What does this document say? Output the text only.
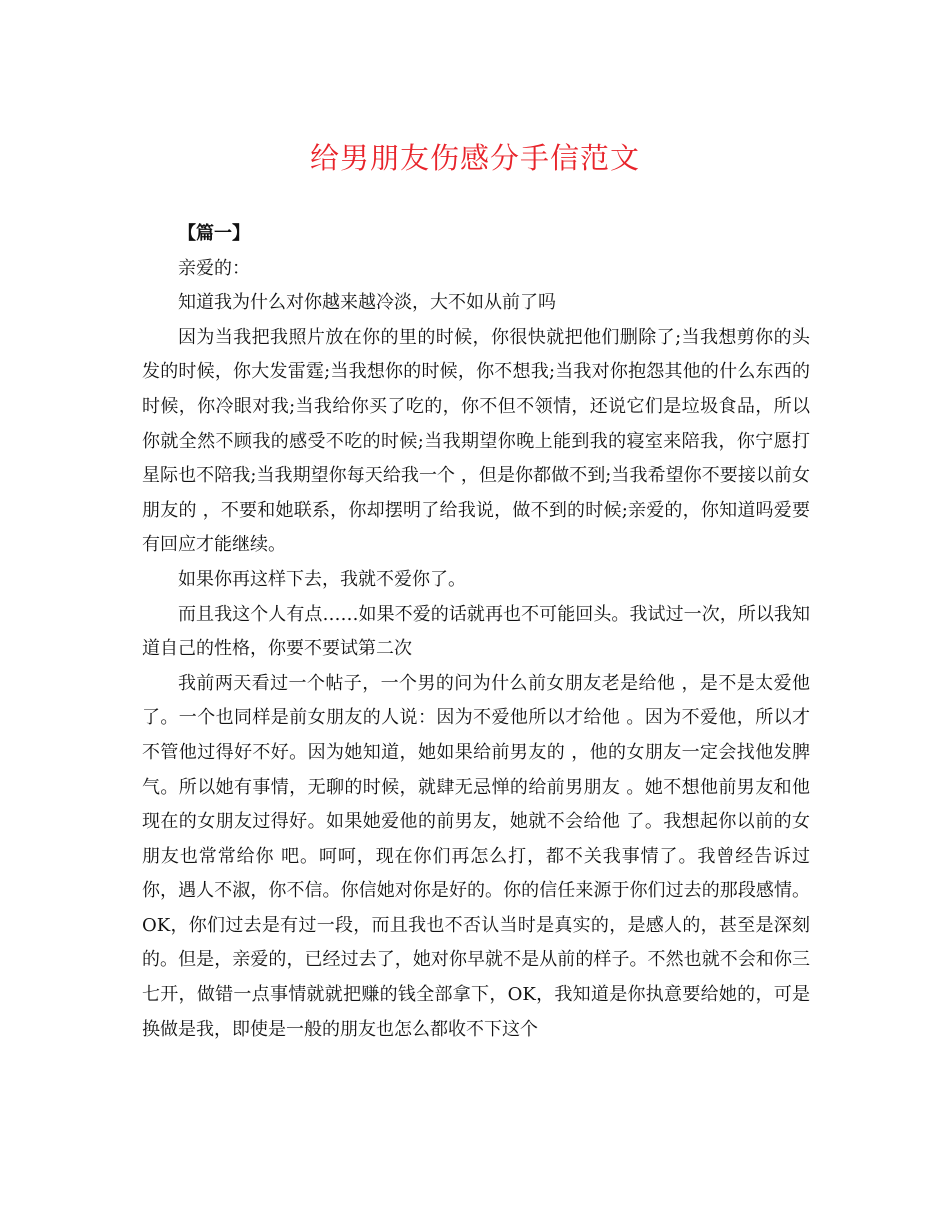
给男朋友伤感分手信范文

【篇一】

亲爱的：

知道我为什么对你越来越冷淡，大不如从前了吗

因为当我把我照片放在你的里的时候，你很快就把他们删除了;当我想剪你的头发的时候，你大发雷霆;当我想你的时候，你不想我;当我对你抱怨其他的什么东西的时候，你冷眼对我;当我给你买了吃的，你不但不领情，还说它们是垃圾食品，所以你就全然不顾我的感受不吃的时候;当我期望你晚上能到我的寝室来陪我，你宁愿打星际也不陪我;当我期望你每天给我一个 ，但是你都做不到;当我希望你不要接以前女朋友的 ，不要和她联系，你却摆明了给我说，做不到的时候;亲爱的，你知道吗爱要有回应才能继续。

如果你再这样下去，我就不爱你了。

而且我这个人有点……如果不爱的话就再也不可能回头。我试过一次，所以我知道自己的性格，你要不要试第二次

我前两天看过一个帖子，一个男的问为什么前女朋友老是给他 ，是不是太爱他了。一个也同样是前女朋友的人说：因为不爱他所以才给他 。因为不爱他，所以才不管他过得好不好。因为她知道，她如果给前男友的 ，他的女朋友一定会找他发脾气。所以她有事情，无聊的时候，就肆无忌惮的给前男朋友 。她不想他前男友和他现在的女朋友过得好。如果她爱他的前男友，她就不会给他 了。我想起你以前的女朋友也常常给你 吧。呵呵，现在你们再怎么打，都不关我事情了。我曾经告诉过你，遇人不淑，你不信。你信她对你是好的。你的信任来源于你们过去的那段感情。OK，你们过去是有过一段，而且我也不否认当时是真实的，是感人的，甚至是深刻的。但是，亲爱的，已经过去了，她对你早就不是从前的样子。不然也就不会和你三七开，做错一点事情就就把赚的钱全部拿下，OK，我知道是你执意要给她的，可是换做是我，即使是一般的朋友也怎么都收不下这个
